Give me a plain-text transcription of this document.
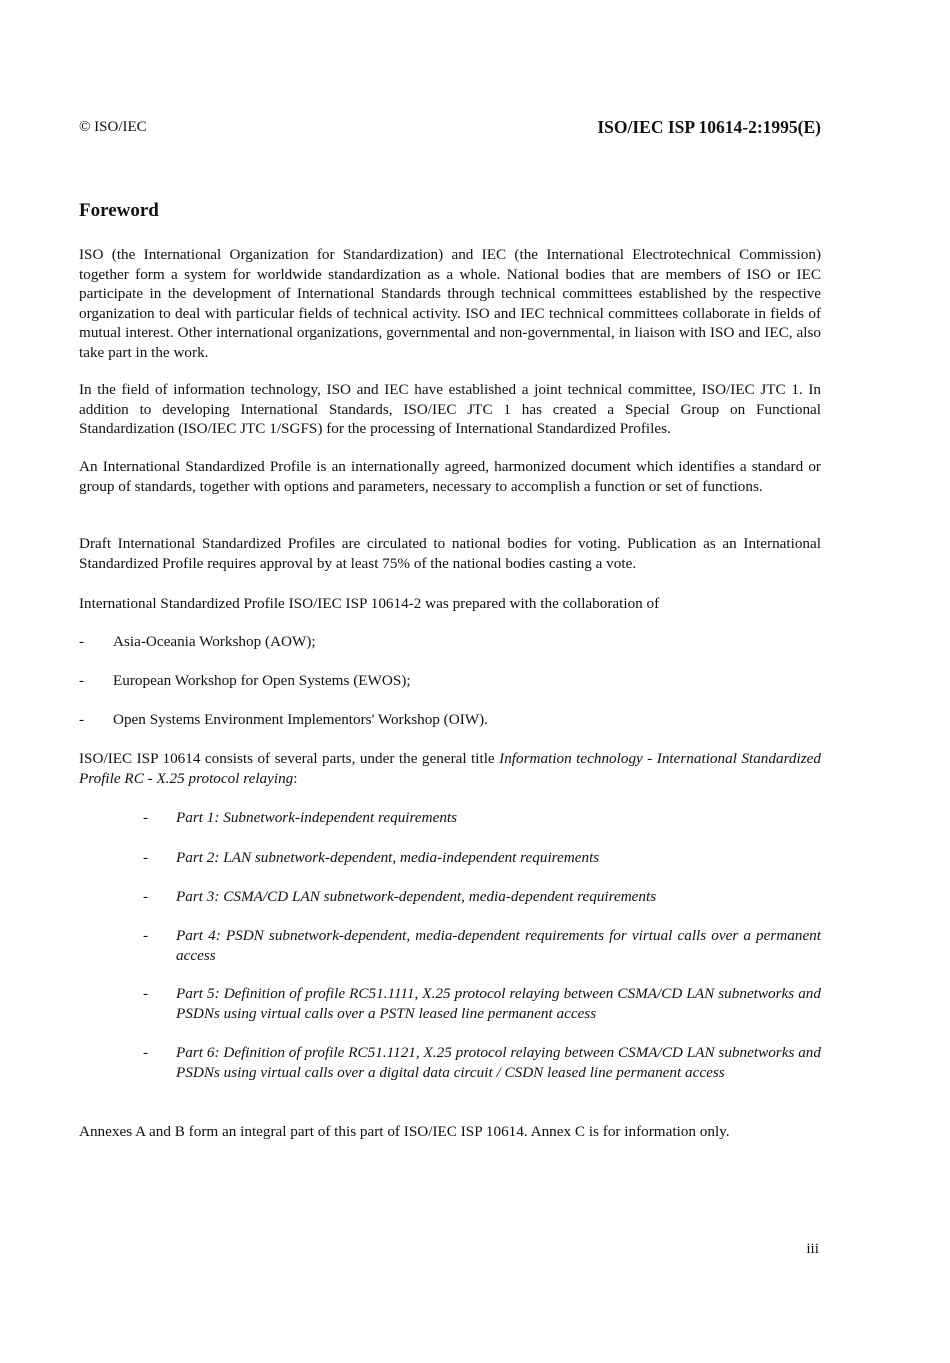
© ISO/IEC	ISO/IEC ISP 10614-2:1995(E)
Foreword

ISO (the International Organization for Standardization) and IEC (the International Electrotechnical Commission) together form a system for worldwide standardization as a whole. National bodies that are members of ISO or IEC participate in the development of International Standards through technical committees established by the respective organization to deal with particular fields of technical activity. ISO and IEC technical committees collaborate in fields of mutual interest. Other international organizations, governmental and non-governmental, in liaison with ISO and IEC, also take part in the work.

In the field of information technology, ISO and IEC have established a joint technical committee, ISO/IEC JTC 1. In addition to developing International Standards, ISO/IEC JTC 1 has created a Special Group on Functional Standardization (ISO/IEC JTC 1/SGFS) for the processing of International Standardized Profiles.

An International Standardized Profile is an internationally agreed, harmonized document which identifies a standard or group of standards, together with options and parameters, necessary to accomplish a function or set of functions.

Draft International Standardized Profiles are circulated to national bodies for voting. Publication as an International Standardized Profile requires approval by at least 75% of the national bodies casting a vote.

International Standardized Profile ISO/IEC ISP 10614-2 was prepared with the collaboration of

- Asia-Oceania Workshop (AOW);
- European Workshop for Open Systems (EWOS);
- Open Systems Environment Implementors' Workshop (OIW).

ISO/IEC ISP 10614 consists of several parts, under the general title Information technology - International Standardized Profile RC - X.25 protocol relaying:

- Part 1: Subnetwork-independent requirements
- Part 2: LAN subnetwork-dependent, media-independent requirements
- Part 3: CSMA/CD LAN subnetwork-dependent, media-dependent requirements
- Part 4: PSDN subnetwork-dependent, media-dependent requirements for virtual calls over a permanent access
- Part 5: Definition of profile RC51.1111, X.25 protocol relaying between CSMA/CD LAN subnetworks and PSDNs using virtual calls over a PSTN leased line permanent access
- Part 6: Definition of profile RC51.1121, X.25 protocol relaying between CSMA/CD LAN subnetworks and PSDNs using virtual calls over a digital data circuit / CSDN leased line permanent access

Annexes A and B form an integral part of this part of ISO/IEC ISP 10614. Annex C is for information only.

iii
